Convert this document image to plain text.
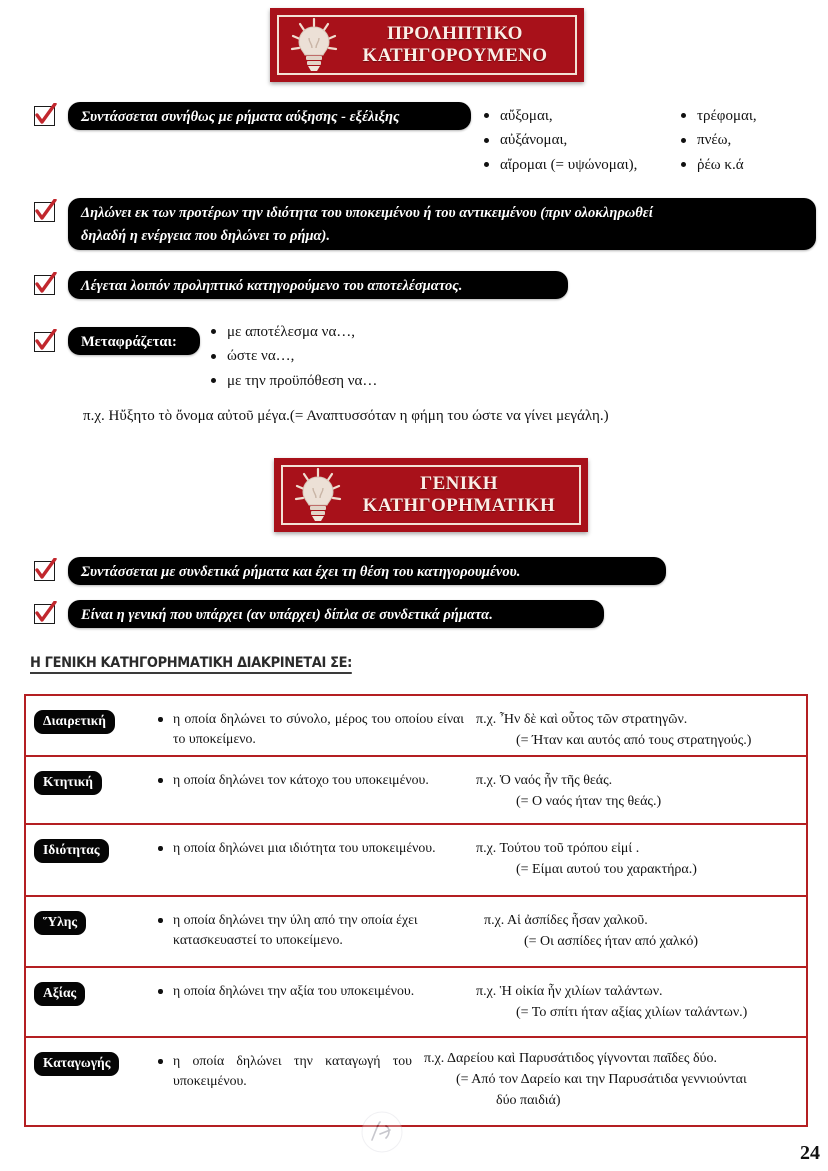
ΠΡΟΛΗΠΤΙΚΟ
ΚΑΤΗΓΟΡΟΥΜΕΝΟ
Συντάσσεται συνήθως με ρήματα αύξησης - εξέλιξης	αὔξομαι,
αὐξάνομαι,
αἴρομαι (= υψώνομαι),
τρέφομαι,
πνέω,
ῥέω κ.ά
Δηλώνει εκ των προτέρων την ιδιότητα του υποκειμένου ή του αντικειμένου (πριν ολοκληρωθεί
δηλαδή η ενέργεια που δηλώνει το ρήμα).
Λέγεται λοιπόν προληπτικό κατηγορούμενο του αποτελέσματος.
Μεταφράζεται:
με αποτέλεσμα να…,
ώστε να…,
με την προϋπόθεση να…
π.χ. Ηὔξητο τὸ ὄνομα αὐτοῦ μέγα.(= Αναπτυσσόταν η φήμη του ώστε να γίνει μεγάλη.)
ΓΕΝΙΚΗ
ΚΑΤΗΓΟΡΗΜΑΤΙΚΗ
Συντάσσεται με συνδετικά ρήματα και έχει τη θέση του κατηγορουμένου.
Είναι η γενική που υπάρχει (αν υπάρχει) δίπλα σε συνδετικά ρήματα.
Η ΓΕΝΙΚΗ ΚΑΤΗΓΟΡΗΜΑΤΙΚΗ ΔΙΑΚΡΙΝΕΤΑΙ ΣΕ:
Διαιρετική	η οποία δηλώνει το σύνολο, μέρος του οποίου είναι το υποκείμενο.
π.χ. Ἦν δὲ καὶ οὗτος τῶν στρατηγῶν.
(= Ήταν και αυτός από τους στρατηγούς.)
Κτητική	η οποία δηλώνει τον κάτοχο του υποκειμένου.	π.χ. Ὁ ναός ἦν τῆς θεάς.
(= Ο ναός ήταν της θεάς.)
Ιδιότητας	η οποία δηλώνει μια ιδιότητα του υποκειμένου.	π.χ. Τούτου τοῦ τρόπου εἰμί .
(= Είμαι αυτού του χαρακτήρα.)
Ὕλης	η οποία δηλώνει την ύλη από την οποία έχει κατασκευαστεί το υποκείμενο.
π.χ. Αἱ ἀσπίδες ἦσαν χαλκοῦ.
(= Οι ασπίδες ήταν από χαλκό)
Αξίας	η οποία δηλώνει την αξία του υποκειμένου.	π.χ. Ἡ οἰκία ἦν χιλίων ταλάντων.
(= Το σπίτι ήταν αξίας χιλίων ταλάντων.)
Καταγωγής	η οποία δηλώνει την καταγωγή του υποκειμένου.
π.χ. Δαρείου καὶ Παρυσάτιδος γίγνονται παῖδες δύο.
(= Από τον Δαρείο και την Παρυσάτιδα γεννιούνται
δύο παιδιά)
24
